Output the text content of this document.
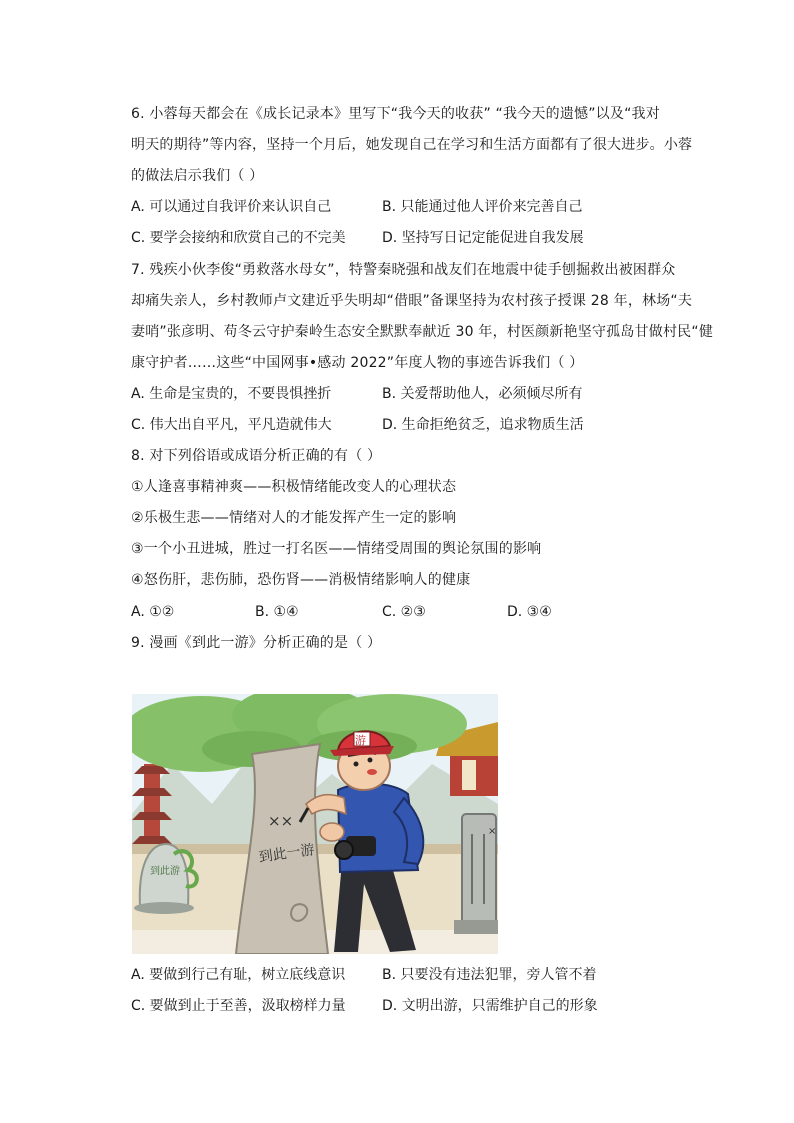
6. 小蓉每天都会在《成长记录本》里写下“我今天的收获” “我今天的遗憾”以及“我对
明天的期待”等内容，坚持一个月后，她发现自己在学习和生活方面都有了很大进步。小蓉
的做法启示我们（ ）
A. 可以通过自我评价来认识自己	B. 只能通过他人评价来完善自己
C. 要学会接纳和欣赏自己的不完美	D. 坚持写日记定能促进自我发展
7. 残疾小伙李俊“勇救落水母女”，特警秦晓强和战友们在地震中徒手刨掘救出被困群众
却痛失亲人，乡村教师卢文建近乎失明却“借眼”备课坚持为农村孩子授课 28 年，林场“夫
妻哨”张彦明、苟冬云守护秦岭生态安全默默奉献近 30 年，村医颜新艳坚守孤岛甘做村民“健
康守护者……这些“中国网事•感动 2022”年度人物的事迹告诉我们（ ）
A. 生命是宝贵的，不要畏惧挫折	B. 关爱帮助他人，必须倾尽所有
C. 伟大出自平凡，平凡造就伟大	D. 生命拒绝贫乏，追求物质生活
8. 对下列俗语或成语分析正确的有（ ）
①人逢喜事精神爽——积极情绪能改变人的心理状态
②乐极生悲——情绪对人的才能发挥产生一定的影响
③一个小丑进城，胜过一打名医——情绪受周围的舆论氛围的影响
④怒伤肝，悲伤肺，恐伤肾——消极情绪影响人的健康
A. ①②	B. ①④	C. ②③	D. ③④
9. 漫画《到此一游》分析正确的是（ ）
××
到此一游
到此游
×
游
A. 要做到行己有耻，树立底线意识	B. 只要没有违法犯罪，旁人管不着
C. 要做到止于至善，汲取榜样力量	D. 文明出游，只需维护自己的形象
